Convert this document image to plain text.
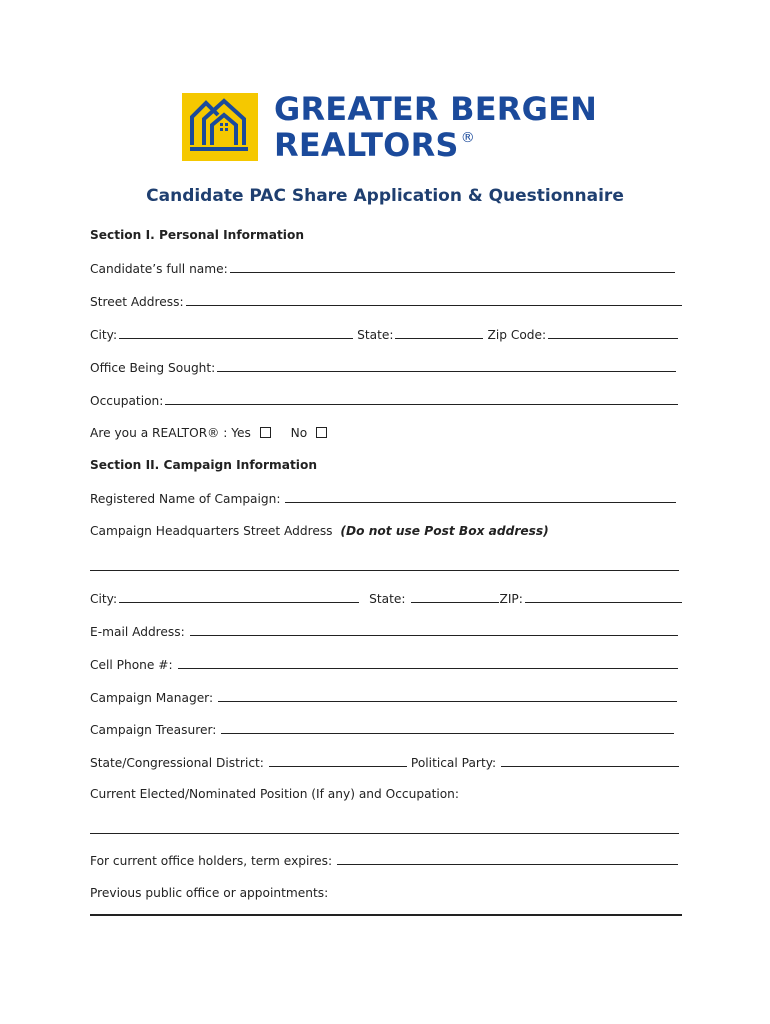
GREATER BERGEN
REALTORS ®
Candidate PAC Share Application & Questionnaire
Section I. Personal Information
Candidate’s full name:
Street Address:
City:	State:	Zip Code:
Office Being Sought:
Occupation:
Are you a REALTOR® : Yes	No
Section II. Campaign Information
Registered Name of Campaign:
Campaign Headquarters Street Address (Do not use Post Box address)
City:	State:	ZIP:
E-mail Address:
Cell Phone #:
Campaign Manager:
Campaign Treasurer:
State/Congressional District:	Political Party:
Current Elected/Nominated Position (If any) and Occupation:
For current office holders, term expires:
Previous public office or appointments:
